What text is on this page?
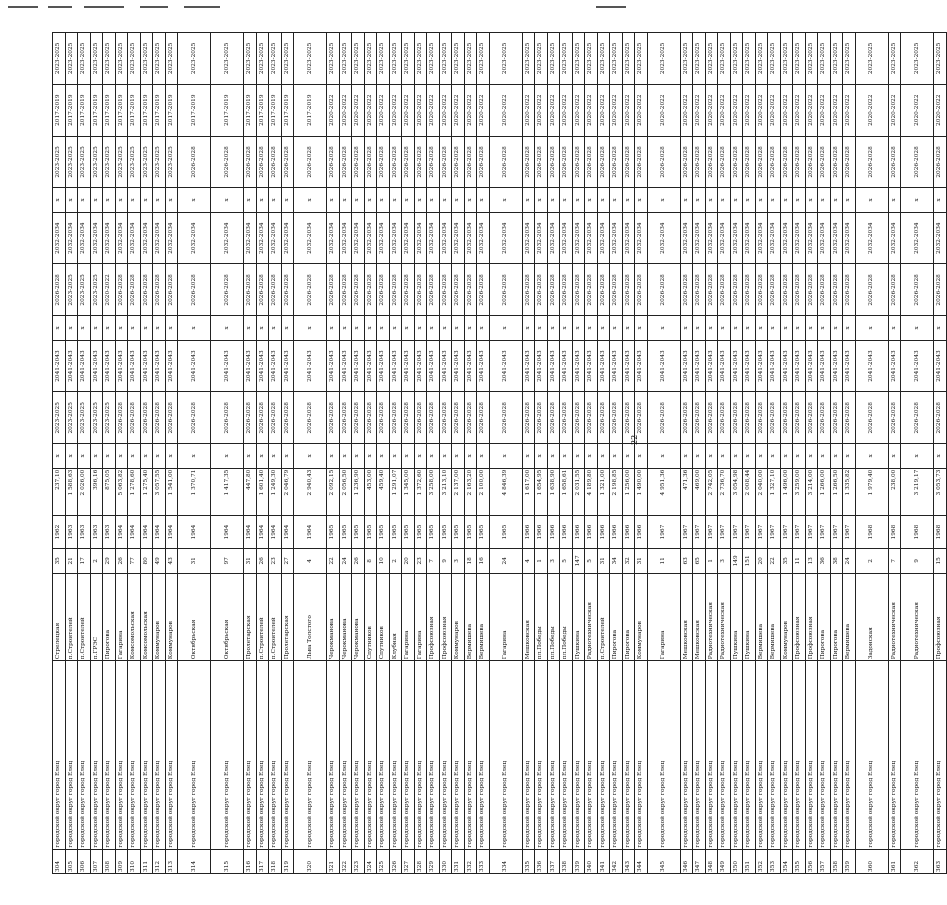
304	городской округ город Елец	Стрелецкая	35	1962	237,10	х	2023-2025	2041-2043	х	2026-2028	2032-2034	х	2023-2025	2017-2019	2023-2025
305	городской округ город Елец	п.Строителей	21	1963	1 588,63	х	2023-2025	2041-2043	х	2023-2025	2032-2034	х	2023-2025	2017-2019	2023-2025
306	городской округ город Елец	п.Строителей	17	1963	2 026,00	х	2023-2025	2041-2043	х	2023-2025	2032-2034	х	2023-2025	2017-2019	2023-2025
307	городской округ город Елец	п.ГРЭС	2	1963	396,16	х	2023-2025	2041-2043	х	2023-2025	2032-2034	х	2023-2025	2017-2019	2023-2025
308	городской округ город Елец	Пирогова	29	1963	875,05	х	2023-2025	2041-2043	х	2020-2022	2032-2034	х	2023-2025	2017-2019	2023-2025
309	городской округ город Елец	Гагарина	26	1964	5 063,82	х	2026-2028	2041-2043	х	2026-2028	2032-2034	х	2023-2025	2017-2019	2023-2025
310	городской округ город Елец	Комсомольская	77	1964	1 278,60	х	2026-2028	2041-2043	х	2026-2028	2032-2034	х	2023-2025	2017-2019	2023-2025
311	городской округ город Елец	Комсомольская	80	1964	1 275,40	х	2026-2028	2041-2043	х	2026-2028	2032-2034	х	2023-2025	2017-2019	2023-2025
312	городской округ город Елец	Коммунаров	49	1964	3 057,55	х	2026-2028	2041-2043	х	2026-2028	2032-2034	х	2023-2025	2017-2019	2023-2025
313	городской округ город Елец	Коммунаров	43	1964	1 541,00	х	2026-2028	2041-2043	х	2026-2028	2032-2034	х	2023-2025	2017-2019	2023-2025
314	городской округ город Елец	Октябрьская	31	1964	1 370,71	х	2026-2028	2041-2043	х	2026-2028	2032-2034	х	2026-2028	2017-2019	2023-2025
315	городской округ город Елец	Октябрьская	97	1964	1 417,35	х	2026-2028	2041-2043	х	2026-2028	2032-2034	х	2026-2028	2017-2019	2023-2025
316	городской округ город Елец	Пролетарская	31	1964	447,80	х	2026-2028	2041-2043	х	2026-2028	2032-2034	х	2026-2028	2017-2019	2023-2025
317	городской округ город Елец	п.Строителей	26	1964	1 601,40	х	2026-2028	2041-2043	х	2026-2028	2032-2034	х	2026-2028	2017-2019	2023-2025
318	городской округ город Елец	п.Строителей	23	1964	1 249,30	х	2026-2028	2041-2043	х	2026-2028	2032-2034	х	2026-2028	2017-2019	2023-2025
319	городской округ город Елец	Пролетарская	27	1964	2 046,79	х	2026-2028	2041-2043	х	2026-2028	2032-2034	х	2026-2028	2017-2019	2023-2025
320	городской округ город Елец	Льва Толстого	4	1964	2 940,43	х	2026-2028	2041-2043	х	2026-2028	2032-2034	х	2026-2028	2017-2019	2023-2025
321	городской округ город Елец	Черокманова	22	1965	2 092,15	х	2026-2028	2041-2043	х	2026-2028	2032-2034	х	2026-2028	2020-2022	2023-2025
322	городской округ город Елец	Черокманова	24	1965	2 056,50	х	2026-2028	2041-2043	х	2026-2028	2032-2034	х	2026-2028	2020-2022	2023-2025
323	городской округ город Елец	Черокманова	26	1965	1 236,90	х	2026-2028	2041-2043	х	2026-2028	2032-2034	х	2026-2028	2020-2022	2023-2025
324	городской округ город Елец	Спутников	8	1965	453,00	х	2026-2028	2041-2043	х	2026-2028	2032-2034	х	2026-2028	2020-2022	2023-2025
325	городской округ город Елец	Спутников	10	1965	459,40	х	2026-2028	2041-2043	х	2026-2028	2032-2034	х	2026-2028	2020-2022	2023-2025
326	городской округ город Елец	Клубная	2	1965	1 291,07	х	2026-2028	2041-2043	х	2026-2028	2032-2034	х	2026-2028	2020-2022	2023-2025
327	городской округ город Елец	Гагарина	20	1965	1 345,00	х	2026-2028	2041-2043	х	2026-2028	2032-2034	х	2026-2028	2020-2022	2023-2025
328	городской округ город Елец	Гагарина	23	1965	1 372,60	х	2026-2028	2041-2043	х	2026-2028	2032-2034	х	2026-2028	2020-2022	2023-2025
329	городской округ город Елец	Профсоюзная	7	1965	3 258,00	х	2026-2028	2041-2043	х	2026-2028	2032-2034	х	2026-2028	2020-2022	2023-2025
330	городской округ город Елец	Профсоюзная	9	1965	3 213,10	х	2026-2028	2041-2043	х	2026-2028	2032-2034	х	2026-2028	2020-2022	2023-2025
331	городской округ город Елец	Коммунаров	3	1965	2 137,00	х	2026-2028	2041-2043	х	2026-2028	2032-2034	х	2026-2028	2020-2022	2023-2025
332	городской округ город Елец	Вермишева	18	1965	2 163,20	х	2026-2028	2041-2043	х	2026-2028	2032-2034	х	2026-2028	2020-2022	2023-2025
333	городской округ город Елец	Вермишева	16	1965	2 100,00	х	2026-2028	2041-2043	х	2026-2028	2032-2034	х	2026-2028	2020-2022	2023-2025
334	городской округ город Елец	Гагарина	24	1965	4 846,39	х	2026-2028	2041-2043	х	2026-2028	2032-2034	х	2026-2028	2020-2022	2023-2025
335	городской округ город Елец	Мешковская	4	1966	1 617,00	х	2026-2028	2041-2043	х	2026-2028	2032-2034	х	2026-2028	2020-2022	2023-2025
336	городской округ город Елец	пл.Победы	1	1966	1 654,95	х	2026-2028	2041-2043	х	2026-2028	2032-2034	х	2026-2028	2020-2022	2023-2025
337	городской округ город Елец	пл.Победы	3	1966	1 638,90	х	2026-2028	2041-2043	х	2026-2028	2032-2034	х	2026-2028	2020-2022	2023-2025
338	городской округ город Елец	пл.Победы	5	1966	1 658,61	х	2026-2028	2041-2043	х	2026-2028	2032-2034	х	2026-2028	2020-2022	2023-2025
339	городской округ город Елец	Пушкина	147	1966	2 031,55	х	2026-2028	2041-2043	х	2026-2028	2032-2034	х	2026-2028	2020-2022	2023-2025
340	городской округ город Елец	Радиотехническая	5	1966	4 189,80	х	2026-2028	2041-2043	х	2026-2028	2032-2034	х	2026-2028	2020-2022	2023-2025
341	городской округ город Елец	п.Строителей	31	1966	1 321,00	х	2026-2028	2041-2043	х	2026-2028	2032-2034	х	2026-2028	2020-2022	2023-2025
342	городской округ город Елец	Пирогова	34	1966	2 198,85	х	2026-2028	2041-2043	х	2026-2028	2032-2034	х	2026-2028	2020-2022	2023-2025
343	городской округ город Елец	Пирогова	32	1966	1 256,00	х	2026-2028	2041-2043	х	2026-2028	2032-2034	х	2026-2028	2020-2022	2023-2025
344	городской округ город Елец	Коммунаров	31	1966	1 490,00	х	2026-2028	2041-2043	х	2026-2028	2032-2034	х	2026-2028	2020-2022	2023-2025
345	городской округ город Елец	Гагарина	11	1967	4 951,36	х	2026-2028	2041-2043	х	2026-2028	2032-2034	х	2026-2028	2020-2022	2023-2025
346	городской округ город Елец	Мешковская	63	1967	471,36	х	2026-2028	2041-2043	х	2026-2028	2032-2034	х	2026-2028	2020-2022	2023-2025
347	городской округ город Елец	Мешковская	65	1967	469,00	х	2026-2028	2041-2043	х	2026-2028	2032-2034	х	2026-2028	2020-2022	2023-2025
348	городской округ город Елец	Радиотехническая	1	1967	2 742,05	х	2026-2028	2041-2043	х	2026-2028	2032-2034	х	2026-2028	2020-2022	2023-2025
349	городской округ город Елец	Радиотехническая	3	1967	2 736,70	х	2026-2028	2041-2043	х	2026-2028	2032-2034	х	2026-2028	2020-2022	2023-2025
350	городской округ город Елец	Пушкина	149	1967	3 054,98	х	2026-2028	2041-2043	х	2026-2028	2032-2034	х	2026-2028	2020-2022	2023-2025
351	городской округ город Елец	Пушкина	151	1967	2 008,44	х	2026-2028	2041-2043	х	2026-2028	2032-2034	х	2026-2028	2020-2022	2023-2025
352	городской округ город Елец	Вермишева	20	1967	2 040,00	х	2026-2028	2041-2043	х	2026-2028	2032-2034	х	2026-2028	2020-2022	2023-2025
353	городской округ город Елец	Вермишева	22	1967	1 327,10	х	2026-2028	2041-2043	х	2026-2028	2032-2034	х	2026-2028	2020-2022	2023-2025
354	городской округ город Елец	Коммунаров	35	1967	1 496,00	х	2026-2028	2041-2043	х	2026-2028	2032-2034	х	2026-2028	2020-2022	2023-2025
355	городской округ город Елец	Профсоюзная	11	1967	3 259,00	х	2026-2028	2041-2043	х	2026-2028	2032-2034	х	2026-2028	2020-2022	2023-2025
356	городской округ город Елец	Профсоюзная	13	1967	3 214,00	х	2026-2028	2041-2043	х	2026-2028	2032-2034	х	2026-2028	2020-2022	2023-2025
357	городской округ город Елец	Пирогова	36	1967	1 266,00	х	2026-2028	2041-2043	х	2026-2028	2032-2034	х	2026-2028	2020-2022	2023-2025
358	городской округ город Елец	Пирогова	38	1967	1 266,50	х	2026-2028	2041-2043	х	2026-2028	2032-2034	х	2026-2028	2020-2022	2023-2025
359	городской округ город Елец	Вермишева	24	1967	1 335,82	х	2026-2028	2041-2043	х	2026-2028	2032-2034	х	2026-2028	2020-2022	2023-2025
360	городской округ город Елец	Задонская	2	1968	1 979,40	х	2026-2028	2041-2043	х	2026-2028	2032-2034	х	2026-2028	2020-2022	2023-2025
361	городской округ город Елец	Радиотехническая	7	1968	238,00	х	2026-2028	2041-2043	х	2026-2028	2032-2034	х	2026-2028	2020-2022	2023-2025
362	городской округ город Елец	Радиотехническая	9	1968	3 219,17	х	2026-2028	2041-2043	х	2026-2028	2032-2034	х	2026-2028	2020-2022	2023-2025
363	городской округ город Елец	Профсоюзная	15	1968	3 053,73	х	2026-2028	2041-2043	х	2026-2028	2032-2034	х	2026-2028	2020-2022	2023-2025
22
